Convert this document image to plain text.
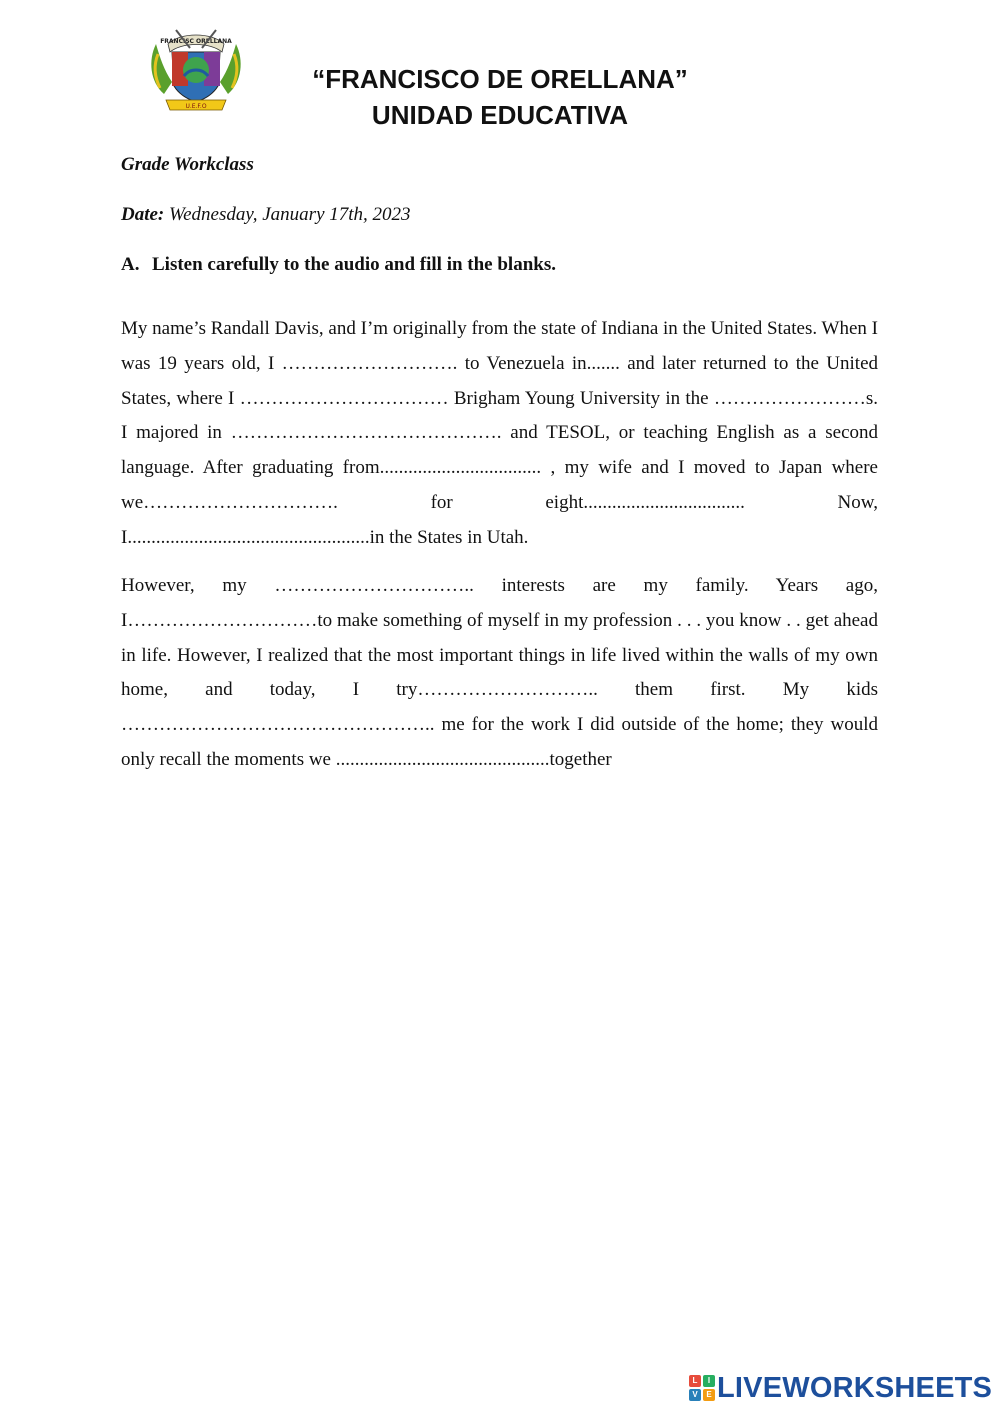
FRANCISC ORELLANA
U.E.F.O
“FRANCISCO DE ORELLANA”
UNIDAD EDUCATIVA
Grade Workclass
Date: Wednesday, January 17th, 2023
A. Listen carefully to the audio and fill in the blanks.
My name’s Randall Davis, and I’m originally from the state of Indiana in the United States. When I was 19 years old, I ………………………. to Venezuela in....... and later returned to the United States, where I …………………………… Brigham Young University in the ……………………s. I majored in ……………………………………. and TESOL, or teaching English as a second language. After graduating from.................................. , my wife and I moved to Japan where we…………………………. for eight.................................. Now, I...................................................in the States in Utah.
However, my ………………………….. interests are my family. Years ago, I…………………………to make something of myself in my profession . . . you know . . get ahead in life. However, I realized that the most important things in life lived within the walls of my own home, and today, I try……………………….. them first. My kids ………………………………………….. me for the work I did outside of the home; they would only recall the moments we .............................................together
L	I
V	E LIVEWORKSHEETS
